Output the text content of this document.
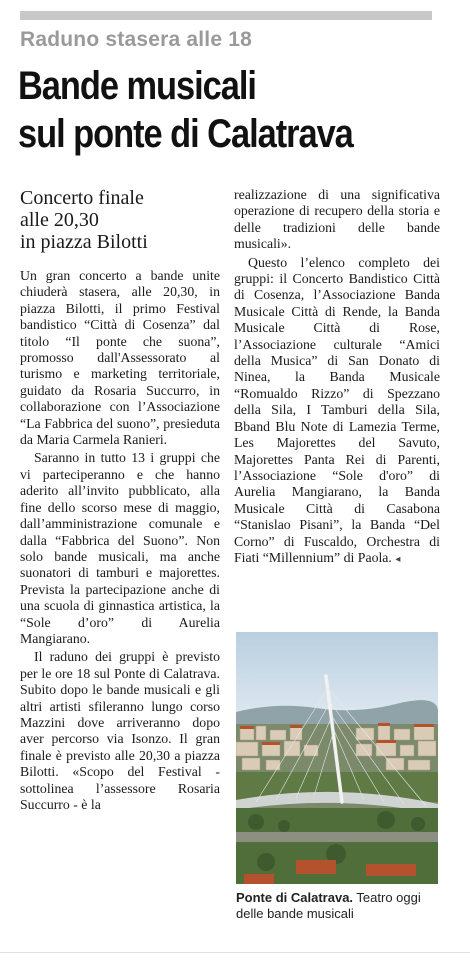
Raduno stasera alle 18
Bande musicali
sul ponte di Calatrava
Concerto finale
alle 20,30
in piazza Bilotti

Un gran concerto a bande unite chiuderà stasera, alle 20,30, in piazza Bilotti, il primo Festival bandistico “Città di Cosenza” dal titolo “Il ponte che suona”, promosso dall'Assessorato al turismo e marketing territoriale, guidato da Rosaria Succurro, in collaborazione con l’Associazione “La Fabbrica del suono”, presieduta da Maria Carmela Ranieri.

Saranno in tutto 13 i gruppi che vi parteciperanno e che hanno aderito all’invito pubblicato, alla fine dello scorso mese di maggio, dall’amministrazione comunale e dalla “Fabbrica del Suono”. Non solo bande musicali, ma anche suonatori di tamburi e majorettes. Prevista la partecipazione anche di una scuola di ginnastica artistica, la “Sole d’oro” di Aurelia Mangiarano.

Il raduno dei gruppi è previsto per le ore 18 sul Ponte di Calatrava. Subito dopo le bande musicali e gli altri artisti sfileranno lungo corso Mazzini dove arriveranno dopo aver percorso via Isonzo. Il gran finale è previsto alle 20,30 a piazza Bilotti. «Scopo del Festival - sottolinea l’assessore Rosaria Succurro - è la

realizzazione di una significativa operazione di recupero della storia e delle tradizioni delle bande musicali».

Questo l’elenco completo dei gruppi: il Concerto Bandistico Città di Cosenza, l’Associazione Banda Musicale Città di Rende, la Banda Musicale Città di Rose, l’Associazione culturale “Amici della Musica” di San Donato di Ninea, la Banda Musicale “Romualdo Rizzo” di Spezzano della Sila, I Tamburi della Sila, Bband Blu Note di Lamezia Terme, Les Majorettes del Savuto, Majorettes Panta Rei di Parenti, l’Associazione “Sole d'oro” di Aurelia Mangiarano, la Banda Musicale Città di Casabona “Stanislao Pisani”, la Banda “Del Corno” di Fuscaldo, Orchestra di Fiati “Millennium” di Paola. ◂

Ponte di Calatrava. Teatro oggi delle bande musicali
